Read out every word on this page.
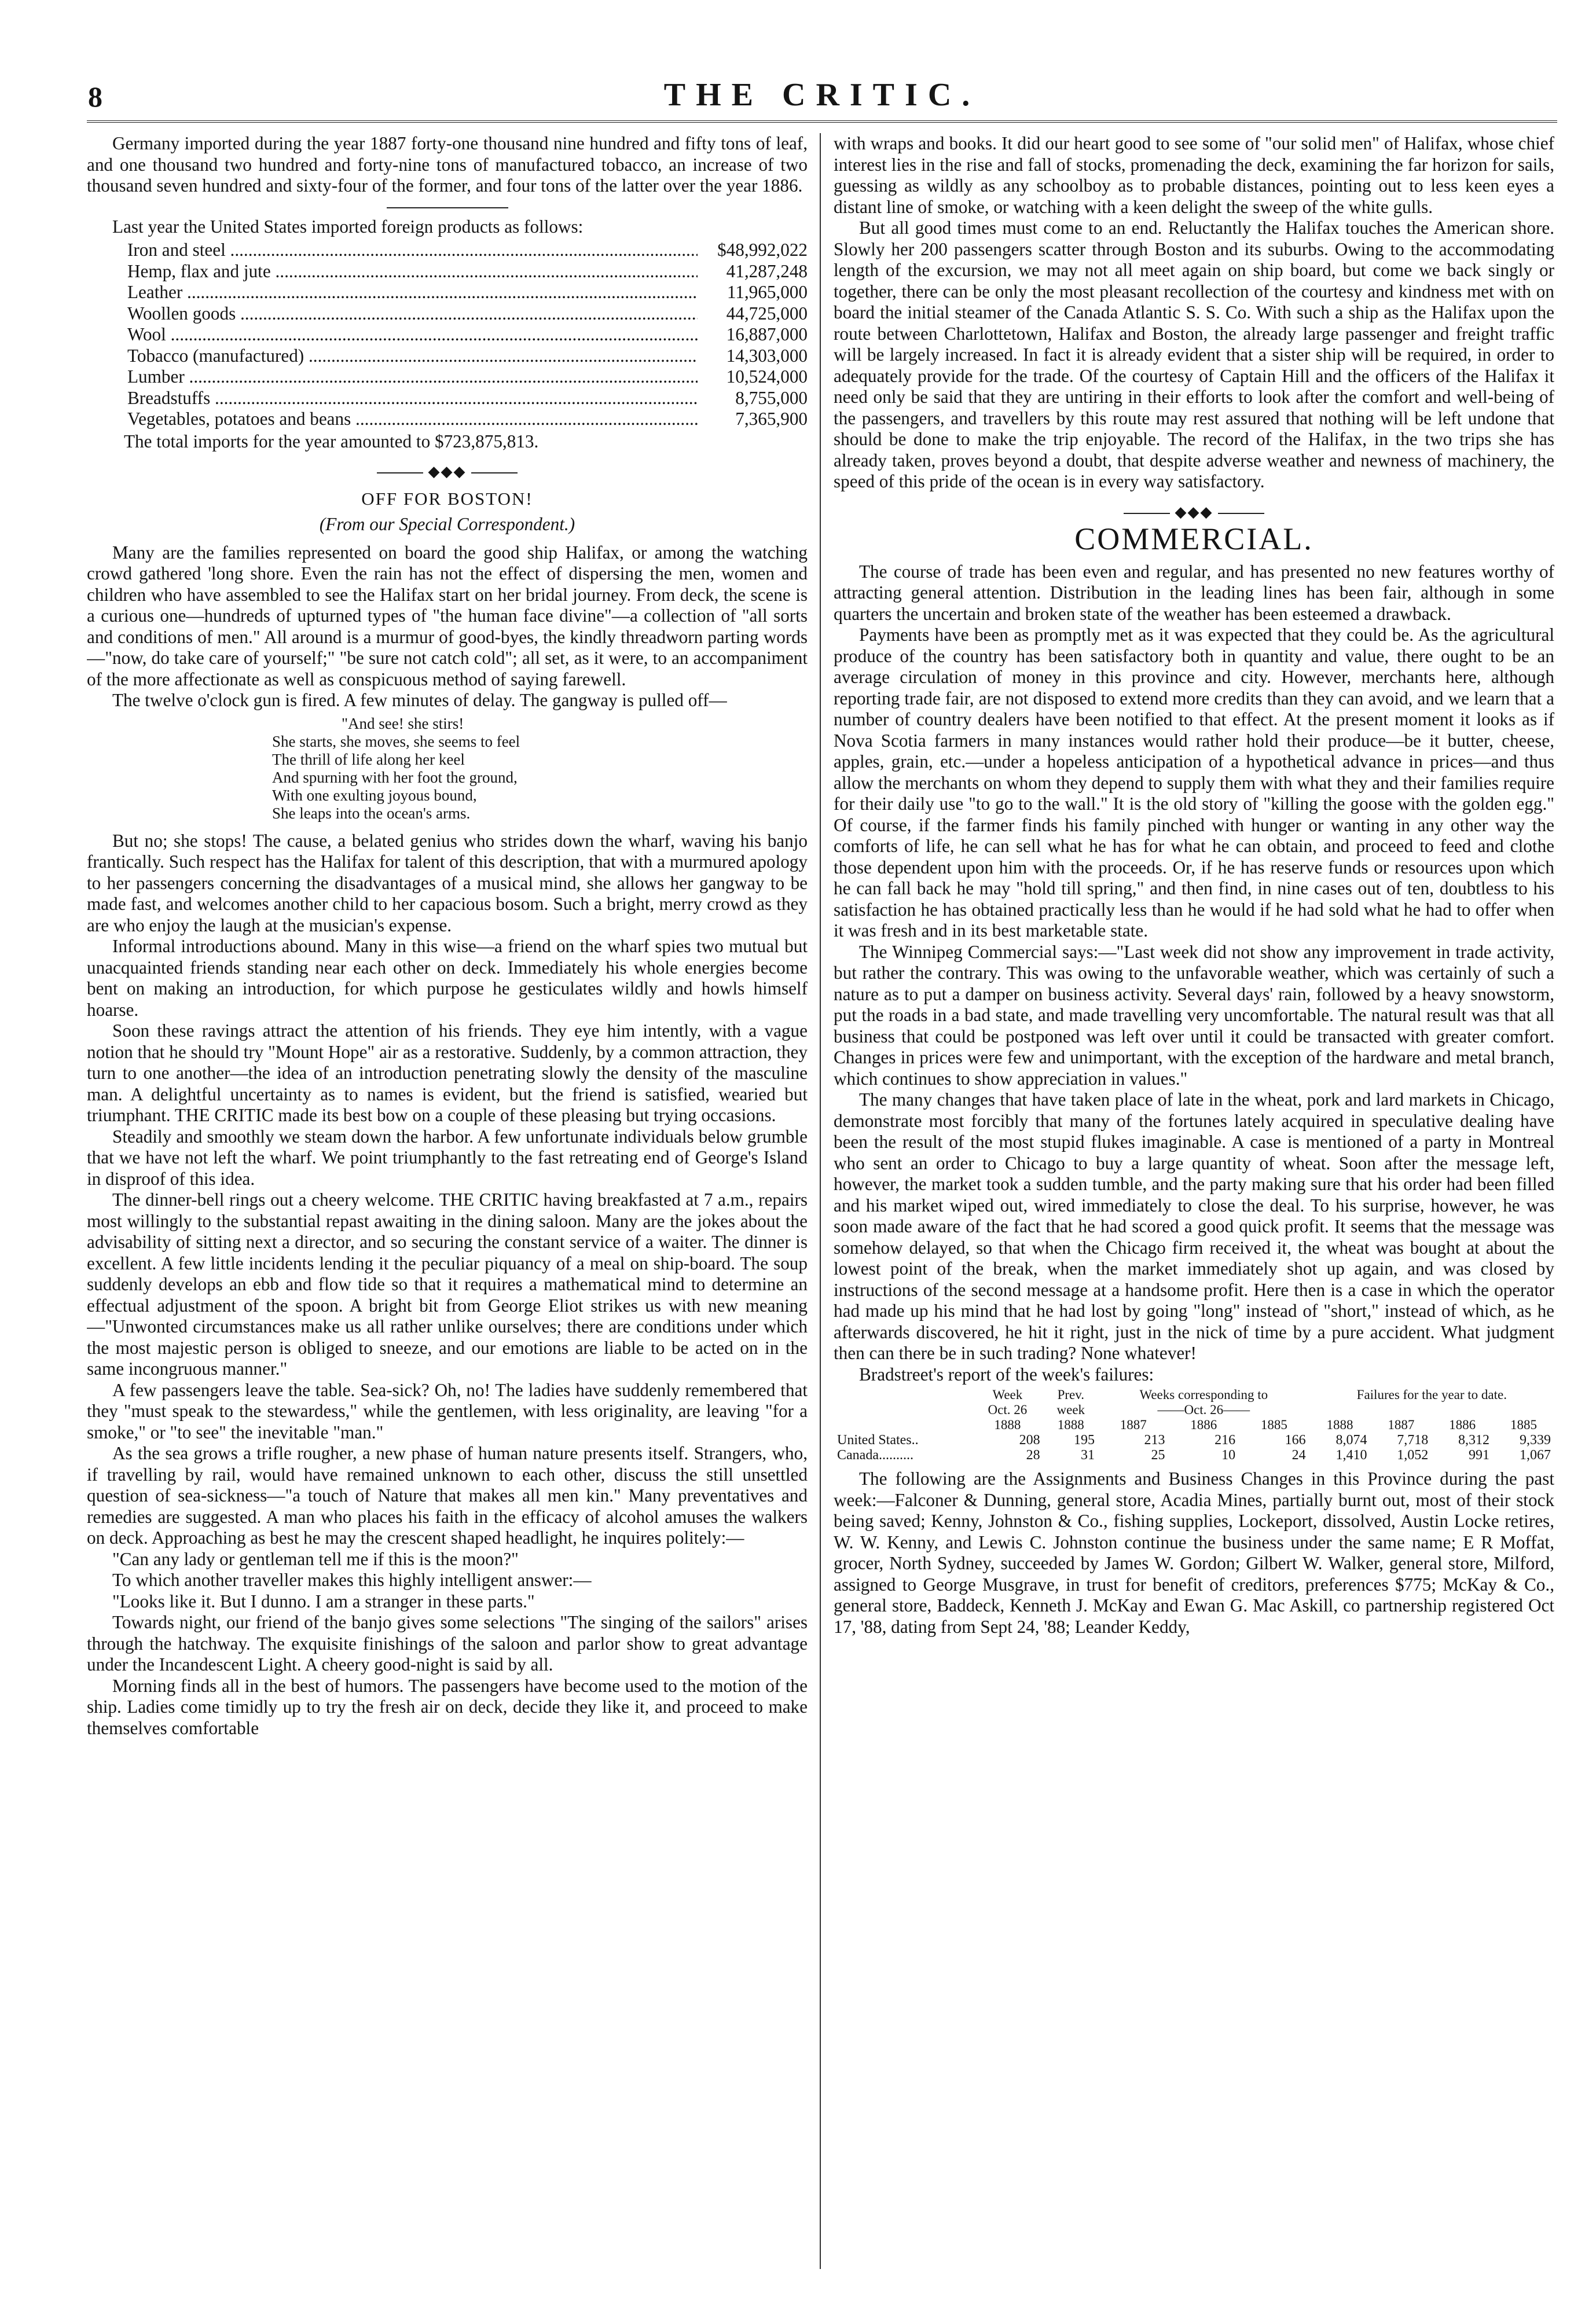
8	THE CRITIC.

Germany imported during the year 1887 forty-one thousand nine hundred and fifty tons of leaf, and one thousand two hundred and forty-nine tons of manufactured tobacco, an increase of two thousand seven hundred and sixty-four of the former, and four tons of the latter over the year 1886.

Last year the United States imported foreign products as follows:

Iron and steel .....	$48,992,022
Hemp, flax and jute .....	41,287,248
Leather .....	11,965,000
Woollen goods .....	44,725,000
Wool .....	16,887,000
Tobacco (manufactured) .....	14,303,000
Lumber .....	10,524,000
Breadstuffs .....	8,755,000
Vegetables, potatoes and beans .....	7,365,900

The total imports for the year amounted to $723,875,813.

◆◆◆
OFF FOR BOSTON!
(From our Special Correspondent.)

Many are the families represented on board the good ship Halifax, or among the watching crowd gathered 'long shore. Even the rain has not the effect of dispersing the men, women and children who have assembled to see the Halifax start on her bridal journey. From deck, the scene is a curious one—hundreds of upturned types of "the human face divine"—a collection of "all sorts and conditions of men." All around is a murmur of good-byes, the kindly threadworn parting words—"now, do take care of yourself;" "be sure not catch cold"; all set, as it were, to an accompaniment of the more affectionate as well as conspicuous method of saying farewell.

The twelve o'clock gun is fired. A few minutes of delay. The gangway is pulled off—

"And see! she stirs!
She starts, she moves, she seems to feel
The thrill of life along her keel
And spurning with her foot the ground,
With one exulting joyous bound,
She leaps into the ocean's arms.

But no; she stops! The cause, a belated genius who strides down the wharf, waving his banjo frantically. Such respect has the Halifax for talent of this description, that with a murmured apology to her passengers concerning the disadvantages of a musical mind, she allows her gangway to be made fast, and welcomes another child to her capacious bosom. Such a bright, merry crowd as they are who enjoy the laugh at the musician's expense.

Informal introductions abound. Many in this wise—a friend on the wharf spies two mutual but unacquainted friends standing near each other on deck. Immediately his whole energies become bent on making an introduction, for which purpose he gesticulates wildly and howls himself hoarse.

Soon these ravings attract the attention of his friends. They eye him intently, with a vague notion that he should try "Mount Hope" air as a restorative. Suddenly, by a common attraction, they turn to one another—the idea of an introduction penetrating slowly the density of the masculine man. A delightful uncertainty as to names is evident, but the friend is satisfied, wearied but triumphant. THE CRITIC made its best bow on a couple of these pleasing but trying occasions.

Steadily and smoothly we steam down the harbor. A few unfortunate individuals below grumble that we have not left the wharf. We point triumphantly to the fast retreating end of George's Island in disproof of this idea.

The dinner-bell rings out a cheery welcome. THE CRITIC having breakfasted at 7 a.m., repairs most willingly to the substantial repast awaiting in the dining saloon. Many are the jokes about the advisability of sitting next a director, and so securing the constant service of a waiter. The dinner is excellent. A few little incidents lending it the peculiar piquancy of a meal on ship-board. The soup suddenly develops an ebb and flow tide so that it requires a mathematical mind to determine an effectual adjustment of the spoon. A bright bit from George Eliot strikes us with new meaning—"Unwonted circumstances make us all rather unlike ourselves; there are conditions under which the most majestic person is obliged to sneeze, and our emotions are liable to be acted on in the same incongruous manner."

A few passengers leave the table. Sea-sick? Oh, no! The ladies have suddenly remembered that they "must speak to the stewardess," while the gentlemen, with less originality, are leaving "for a smoke," or "to see" the inevitable "man."

As the sea grows a trifle rougher, a new phase of human nature presents itself. Strangers, who, if travelling by rail, would have remained unknown to each other, discuss the still unsettled question of sea-sickness—"a touch of Nature that makes all men kin." Many preventatives and remedies are suggested. A man who places his faith in the efficacy of alcohol amuses the walkers on deck. Approaching as best he may the crescent shaped headlight, he inquires politely:—

"Can any lady or gentleman tell me if this is the moon?"

To which another traveller makes this highly intelligent answer:—

"Looks like it. But I dunno. I am a stranger in these parts."

Towards night, our friend of the banjo gives some selections "The singing of the sailors" arises through the hatchway. The exquisite finishings of the saloon and parlor show to great advantage under the Incandescent Light. A cheery good-night is said by all.

Morning finds all in the best of humors. The passengers have become used to the motion of the ship. Ladies come timidly up to try the fresh air on deck, decide they like it, and proceed to make themselves comfortable

with wraps and books. It did our heart good to see some of "our solid men" of Halifax, whose chief interest lies in the rise and fall of stocks, promenading the deck, examining the far horizon for sails, guessing as wildly as any schoolboy as to probable distances, pointing out to less keen eyes a distant line of smoke, or watching with a keen delight the sweep of the white gulls.

But all good times must come to an end. Reluctantly the Halifax touches the American shore. Slowly her 200 passengers scatter through Boston and its suburbs. Owing to the accommodating length of the excursion, we may not all meet again on ship board, but come we back singly or together, there can be only the most pleasant recollection of the courtesy and kindness met with on board the initial steamer of the Canada Atlantic S. S. Co. With such a ship as the Halifax upon the route between Charlottetown, Halifax and Boston, the already large passenger and freight traffic will be largely increased. In fact it is already evident that a sister ship will be required, in order to adequately provide for the trade. Of the courtesy of Captain Hill and the officers of the Halifax it need only be said that they are untiring in their efforts to look after the comfort and well-being of the passengers, and travellers by this route may rest assured that nothing will be left undone that should be done to make the trip enjoyable. The record of the Halifax, in the two trips she has already taken, proves beyond a doubt, that despite adverse weather and newness of machinery, the speed of this pride of the ocean is in every way satisfactory.

◆◆◆
COMMERCIAL.

The course of trade has been even and regular, and has presented no new features worthy of attracting general attention. Distribution in the leading lines has been fair, although in some quarters the uncertain and broken state of the weather has been esteemed a drawback.

Payments have been as promptly met as it was expected that they could be. As the agricultural produce of the country has been satisfactory both in quantity and value, there ought to be an average circulation of money in this province and city. However, merchants here, although reporting trade fair, are not disposed to extend more credits than they can avoid, and we learn that a number of country dealers have been notified to that effect. At the present moment it looks as if Nova Scotia farmers in many instances would rather hold their produce—be it butter, cheese, apples, grain, etc.—under a hopeless anticipation of a hypothetical advance in prices—and thus allow the merchants on whom they depend to supply them with what they and their families require for their daily use "to go to the wall." It is the old story of "killing the goose with the golden egg." Of course, if the farmer finds his family pinched with hunger or wanting in any other way the comforts of life, he can sell what he has for what he can obtain, and proceed to feed and clothe those dependent upon him with the proceeds. Or, if he has reserve funds or resources upon which he can fall back he may "hold till spring," and then find, in nine cases out of ten, doubtless to his satisfaction he has obtained practically less than he would if he had sold what he had to offer when it was fresh and in its best marketable state.

The Winnipeg Commercial says:—"Last week did not show any improvement in trade activity, but rather the contrary. This was owing to the unfavorable weather, which was certainly of such a nature as to put a damper on business activity. Several days' rain, followed by a heavy snowstorm, put the roads in a bad state, and made travelling very uncomfortable. The natural result was that all business that could be postponed was left over until it could be transacted with greater comfort. Changes in prices were few and unimportant, with the exception of the hardware and metal branch, which continues to show appreciation in values."

The many changes that have taken place of late in the wheat, pork and lard markets in Chicago, demonstrate most forcibly that many of the fortunes lately acquired in speculative dealing have been the result of the most stupid flukes imaginable. A case is mentioned of a party in Montreal who sent an order to Chicago to buy a large quantity of wheat. Soon after the message left, however, the market took a sudden tumble, and the party making sure that his order had been filled and his market wiped out, wired immediately to close the deal. To his surprise, however, he was soon made aware of the fact that he had scored a good quick profit. It seems that the message was somehow delayed, so that when the Chicago firm received it, the wheat was bought at about the lowest point of the break, when the market immediately shot up again, and was closed by instructions of the second message at a handsome profit. Here then is a case in which the operator had made up his mind that he had lost by going "long" instead of "short," instead of which, as he afterwards discovered, he hit it right, just in the nick of time by a pure accident. What judgment then can there be in such trading? None whatever!

Bradstreet's report of the week's failures:

	Week	Prev.	Weeks corresponding to			Failures for the year to date.			
	Oct. 26	week	——Oct. 26——						
	1888	1888	1887	1886	1885	1888	1887	1886	1885
United States..	208	195	213	216	166	8,074	7,718	8,312	9,339
Canada..........	28	31	25	10	24	1,410	1,052	991	1,067

The following are the Assignments and Business Changes in this Province during the past week:—Falconer & Dunning, general store, Acadia Mines, partially burnt out, most of their stock being saved; Kenny, Johnston & Co., fishing supplies, Lockeport, dissolved, Austin Locke retires, W. W. Kenny, and Lewis C. Johnston continue the business under the same name; E R Moffat, grocer, North Sydney, succeeded by James W. Gordon; Gilbert W. Walker, general store, Milford, assigned to George Musgrave, in trust for benefit of creditors, preferences $775; McKay & Co., general store, Baddeck, Kenneth J. McKay and Ewan G. Mac Askill, co partnership registered Oct 17, '88, dating from Sept 24, '88; Leander Keddy,
